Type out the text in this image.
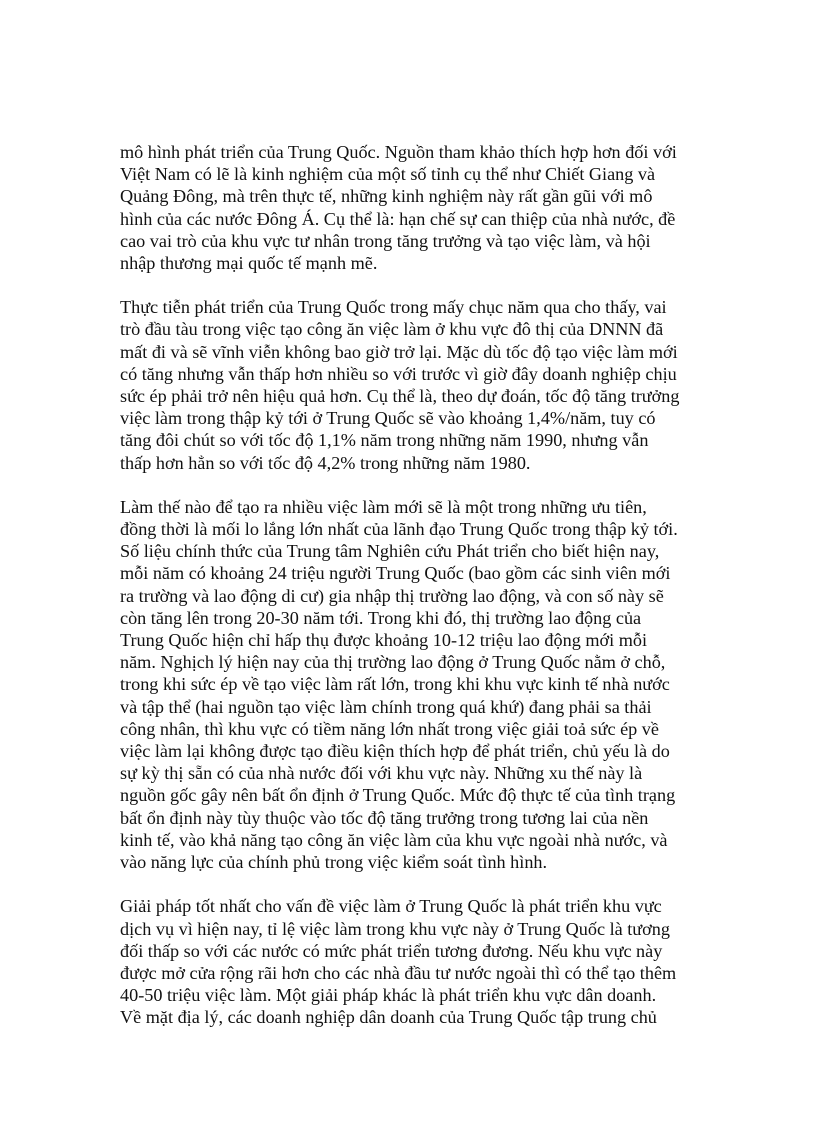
mô hình phát triển của Trung Quốc. Nguồn tham khảo thích hợp hơn đối với
Việt Nam có lẽ là kinh nghiệm của một số tỉnh cụ thể như Chiết Giang và
Quảng Đông, mà trên thực tế, những kinh nghiệm này rất gần gũi với mô
hình của các nước Đông Á. Cụ thể là: hạn chế sự can thiệp của nhà nước, đề
cao vai trò của khu vực tư nhân trong tăng trưởng và tạo việc làm, và hội
nhập thương mại quốc tế mạnh mẽ.

Thực tiễn phát triển của Trung Quốc trong mấy chục năm qua cho thấy, vai
trò đầu tàu trong việc tạo công ăn việc làm ở khu vực đô thị của DNNN đã
mất đi và sẽ vĩnh viễn không bao giờ trở lại. Mặc dù tốc độ tạo việc làm mới
có tăng nhưng vẫn thấp hơn nhiều so với trước vì giờ đây doanh nghiệp chịu
sức ép phải trở nên hiệu quả hơn. Cụ thể là, theo dự đoán, tốc độ tăng trưởng
việc làm trong thập kỷ tới ở Trung Quốc sẽ vào khoảng 1,4%/năm, tuy có
tăng đôi chút so với tốc độ 1,1% năm trong những năm 1990, nhưng vẫn
thấp hơn hẳn so với tốc độ 4,2% trong những năm 1980.

Làm thế nào để tạo ra nhiều việc làm mới sẽ là một trong những ưu tiên,
đồng thời là mối lo lắng lớn nhất của lãnh đạo Trung Quốc trong thập kỷ tới.
Số liệu chính thức của Trung tâm Nghiên cứu Phát triển cho biết hiện nay,
mỗi năm có khoảng 24 triệu người Trung Quốc (bao gồm các sinh viên mới
ra trường và lao động di cư) gia nhập thị trường lao động, và con số này sẽ
còn tăng lên trong 20-30 năm tới. Trong khi đó, thị trường lao động của
Trung Quốc hiện chỉ hấp thụ được khoảng 10-12 triệu lao động mới mỗi
năm. Nghịch lý hiện nay của thị trường lao động ở Trung Quốc nằm ở chỗ,
trong khi sức ép về tạo việc làm rất lớn, trong khi khu vực kinh tế nhà nước
và tập thể (hai nguồn tạo việc làm chính trong quá khứ) đang phải sa thải
công nhân, thì khu vực có tiềm năng lớn nhất trong việc giải toả sức ép về
việc làm lại không được tạo điều kiện thích hợp để phát triển, chủ yếu là do
sự kỳ thị sẵn có của nhà nước đối với khu vực này. Những xu thế này là
nguồn gốc gây nên bất ổn định ở Trung Quốc. Mức độ thực tế của tình trạng
bất ổn định này tùy thuộc vào tốc độ tăng trưởng trong tương lai của nền
kinh tế, vào khả năng tạo công ăn việc làm của khu vực ngoài nhà nước, và
vào năng lực của chính phủ trong việc kiểm soát tình hình.

Giải pháp tốt nhất cho vấn đề việc làm ở Trung Quốc là phát triển khu vực
dịch vụ vì hiện nay, tỉ lệ việc làm trong khu vực này ở Trung Quốc là tương
đối thấp so với các nước có mức phát triển tương đương. Nếu khu vực này
được mở cửa rộng rãi hơn cho các nhà đầu tư nước ngoài thì có thể tạo thêm
40-50 triệu việc làm. Một giải pháp khác là phát triển khu vực dân doanh.
Về mặt địa lý, các doanh nghiệp dân doanh của Trung Quốc tập trung chủ
